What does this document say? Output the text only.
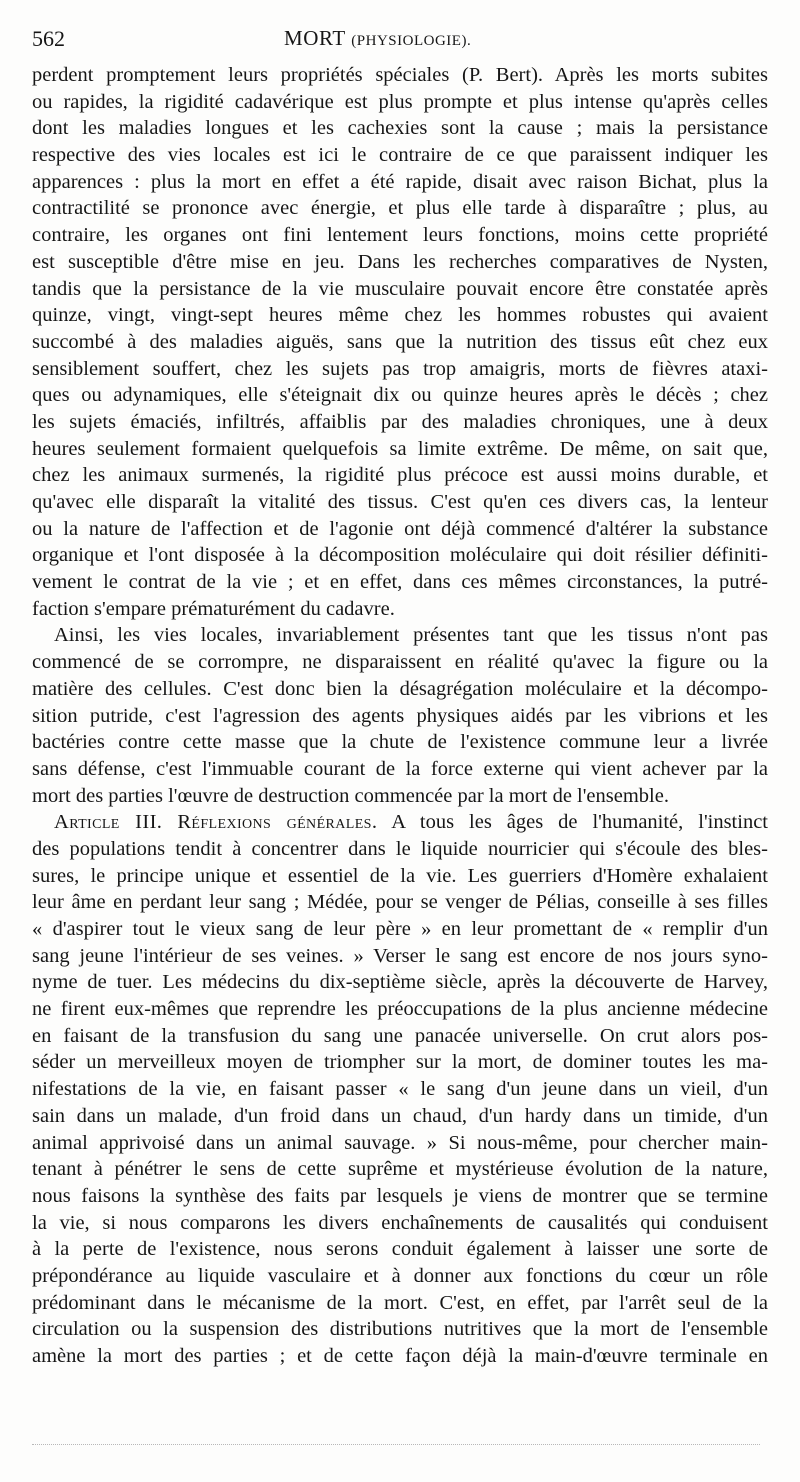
562	MORT (PHYSIOLOGIE).
perdent promptement leurs propriétés spéciales (P. Bert). Après les morts subites
ou rapides, la rigidité cadavérique est plus prompte et plus intense qu'après celles
dont les maladies longues et les cachexies sont la cause ; mais la persistance
respective des vies locales est ici le contraire de ce que paraissent indiquer les
apparences : plus la mort en effet a été rapide, disait avec raison Bichat, plus la
contractilité se prononce avec énergie, et plus elle tarde à disparaître ; plus, au
contraire, les organes ont fini lentement leurs fonctions, moins cette propriété
est susceptible d'être mise en jeu. Dans les recherches comparatives de Nysten,
tandis que la persistance de la vie musculaire pouvait encore être constatée après
quinze, vingt, vingt-sept heures même chez les hommes robustes qui avaient
succombé à des maladies aiguës, sans que la nutrition des tissus eût chez eux
sensiblement souffert, chez les sujets pas trop amaigris, morts de fièvres ataxi-
ques ou adynamiques, elle s'éteignait dix ou quinze heures après le décès ; chez
les sujets émaciés, infiltrés, affaiblis par des maladies chroniques, une à deux
heures seulement formaient quelquefois sa limite extrême. De même, on sait que,
chez les animaux surmenés, la rigidité plus précoce est aussi moins durable, et
qu'avec elle disparaît la vitalité des tissus. C'est qu'en ces divers cas, la lenteur
ou la nature de l'affection et de l'agonie ont déjà commencé d'altérer la substance
organique et l'ont disposée à la décomposition moléculaire qui doit résilier définiti-
vement le contrat de la vie ; et en effet, dans ces mêmes circonstances, la putré-
faction s'empare prématurément du cadavre.
Ainsi, les vies locales, invariablement présentes tant que les tissus n'ont pas
commencé de se corrompre, ne disparaissent en réalité qu'avec la figure ou la
matière des cellules. C'est donc bien la désagrégation moléculaire et la décompo-
sition putride, c'est l'agression des agents physiques aidés par les vibrions et les
bactéries contre cette masse que la chute de l'existence commune leur a livrée
sans défense, c'est l'immuable courant de la force externe qui vient achever par la
mort des parties l'œuvre de destruction commencée par la mort de l'ensemble.
Article III. Réflexions générales. A tous les âges de l'humanité, l'instinct
des populations tendit à concentrer dans le liquide nourricier qui s'écoule des bles-
sures, le principe unique et essentiel de la vie. Les guerriers d'Homère exhalaient
leur âme en perdant leur sang ; Médée, pour se venger de Pélias, conseille à ses filles
« d'aspirer tout le vieux sang de leur père » en leur promettant de « remplir d'un
sang jeune l'intérieur de ses veines. » Verser le sang est encore de nos jours syno-
nyme de tuer. Les médecins du dix-septième siècle, après la découverte de Harvey,
ne firent eux-mêmes que reprendre les préoccupations de la plus ancienne médecine
en faisant de la transfusion du sang une panacée universelle. On crut alors pos-
séder un merveilleux moyen de triompher sur la mort, de dominer toutes les ma-
nifestations de la vie, en faisant passer « le sang d'un jeune dans un vieil, d'un
sain dans un malade, d'un froid dans un chaud, d'un hardy dans un timide, d'un
animal apprivoisé dans un animal sauvage. » Si nous-même, pour chercher main-
tenant à pénétrer le sens de cette suprême et mystérieuse évolution de la nature,
nous faisons la synthèse des faits par lesquels je viens de montrer que se termine
la vie, si nous comparons les divers enchaînements de causalités qui conduisent
à la perte de l'existence, nous serons conduit également à laisser une sorte de
prépondérance au liquide vasculaire et à donner aux fonctions du cœur un rôle
prédominant dans le mécanisme de la mort. C'est, en effet, par l'arrêt seul de la
circulation ou la suspension des distributions nutritives que la mort de l'ensemble
amène la mort des parties ; et de cette façon déjà la main-d'œuvre terminale en
